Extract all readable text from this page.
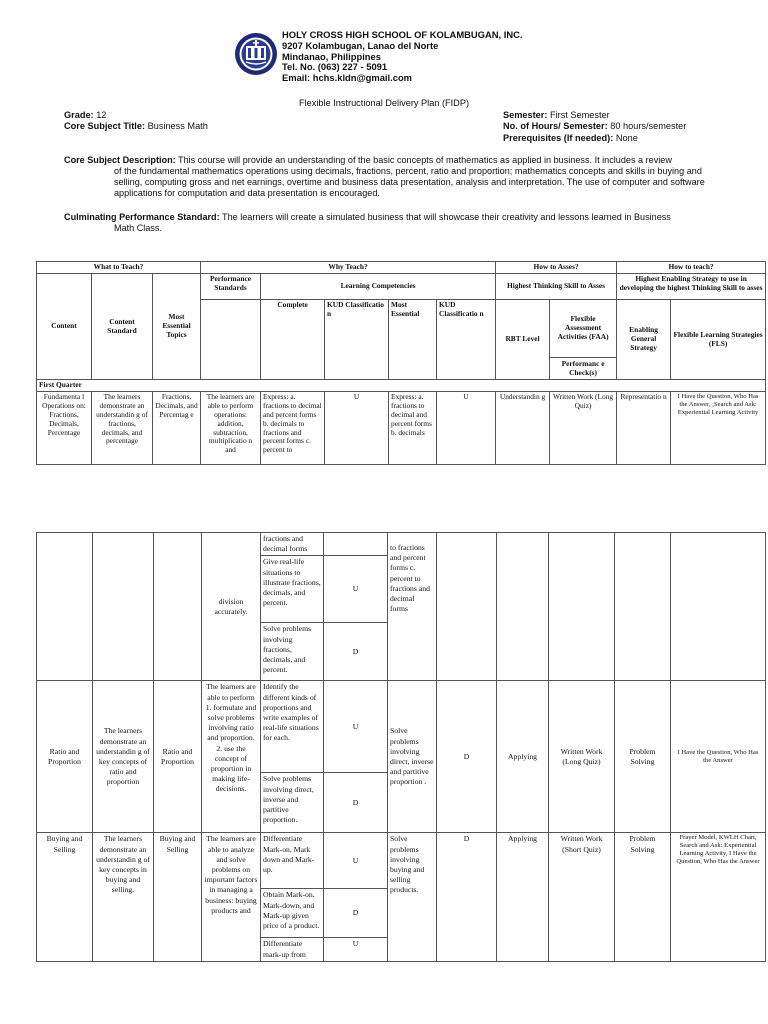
HOLY CROSS HIGH SCHOOL OF KOLAMBUGAN, INC.
9207 Kolambugan, Lanao del Norte
Mindanao, Philippines
Tel. No. (063) 227 - 5091
Email: hchs.kldn@gmail.com
Flexible Instructional Delivery Plan (FIDP)
Grade: 12
Core Subject Title: Business Math
Semester: First Semester
No. of Hours/ Semester: 80 hours/semester
Prerequisites (If needed): None
Core Subject Description: This course will provide an understanding of the basic concepts of mathematics as applied in business. It includes a review
of the fundamental mathematics operations using decimals, fractions, percent, ratio and proportion; mathematics concepts and skills in buying and selling, computing gross and net earnings, overtime and business data presentation, analysis and interpretation. The use of computer and software applications for computation and data presentation is encouraged.
Culminating Performance Standard: The learners will create a simulated business that will showcase their creativity and lessons learned in Business
Math Class.
What to Teach?			Why Teach?					How to Asses?		How to teach?	
Content	Content Standard	Most Essential Topics	Performance Standards	Learning Competencies				Highest Thinking Skill to Asses		Highest Enabling Strategy to use in developing the highest Thinking Skill to asses	
				Complete	KUD Classificatio n	Most Essential	KUD Classificatio n	RBT Level	Flexible Assessment Activities (FAA)	Enabling General Strategy	Flexible Learning Strategies (FLS)
									Performanc e Check(s)		
First Quarter											
Fundamenta l Operations on: Fractions, Decimals, Percentage	The learners demonstrate an understandin g of fractions, decimals, and percentage	Fractions, Decimals, and Percentag e	The learners are able to perform operations: addition, subtraction, multiplicatio n and	Express: a. fractions to decimal and percent forms b. decimals to fractions and percent forms c. percent to	U	Express: a. fractions to decimal and percent forms b. decimals	U	Understandin g	Written Work (Long Quiz)	Representatio n	I Have the Question, Who Has the Answer, ,Search and Ask: Experiential Learning Activity
			division accurately.	fractions and decimal forms		to fractions and percent forms c. percent to fractions and decimal forms					
				Give real-life situations to illustrate fractions, decimals, and percent.	U						
				Solve problems involving fractions, decimals, and percent.	D						
Ratio and Proportion	The learners demonstrate an understandin g of key concepts of ratio and proportion	Ratio and Proportion	The learners are able to perform 1. formulate and solve problems involving ratio and proportion. 2. use the concept of proportion in making life-decisions.	Identify the different kinds of proportions and write examples of real-life situations for each.	U	Solve problems involving direct, inverse and partitive proportion .	D	Applying	Written Work (Long Quiz)	Problem Solving	I Have the Question, Who Has the Answer
				Solve problems involving direct, inverse and partitive proportion.	D						
Buying and Selling	The learners demonstrate an understandin g of key concepts in buying and selling.	Buying and Selling	The learners are able to analyze and solve problems on important factors in managing a business: buying products and	Differentiate Mark-on, Mark down and Mark-up.	U	Solve problems involving buying and selling products.	D	Applying	Written Work (Short Quiz)	Problem Solving	Frayer Model, KWLH Chart, Search and Ask: Experiential Learning Activity, I Have the Question, Who Has the Answer
				Obtain Mark-on, Mark-down, and Mark-up given price of a product.	D						
				Differentiate mark-up from	U						
